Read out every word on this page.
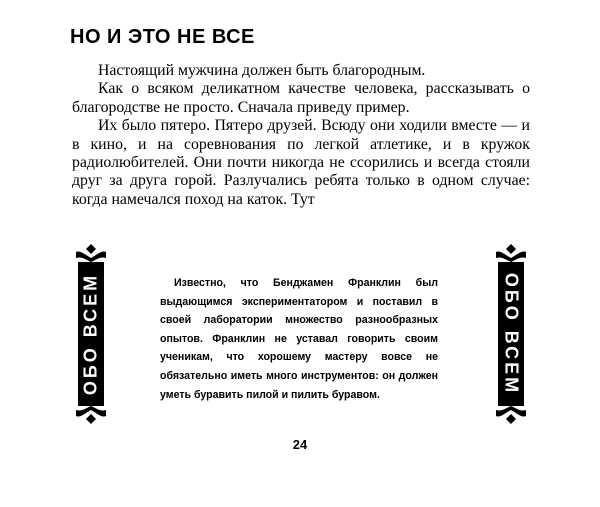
НО И ЭТО НЕ ВСЕ

Настоящий мужчина должен быть благородным.

Как о всяком деликатном качестве человека, рассказывать о благородстве не просто. Сначала приведу пример.

Их было пятеро. Пятеро друзей. Всюду они ходили вместе — и в кино, и на соревнования по легкой атлетике, и в кружок радиолюбителей. Они почти никогда не ссорились и всегда стояли друг за друга горой. Разлучались ребята только в одном случае: когда намечался поход на каток. Тут

ОБО ВСЕМ	ОБО ВСЕМ

Известно, что Бенджамен Франклин был выдающимся экспериментатором и поставил в своей лаборатории множество разнообразных опытов. Франклин не уставал говорить своим ученикам, что хорошему мастеру вовсе не обязательно иметь много инструментов: он должен уметь буравить пилой и пилить буравом.

24
